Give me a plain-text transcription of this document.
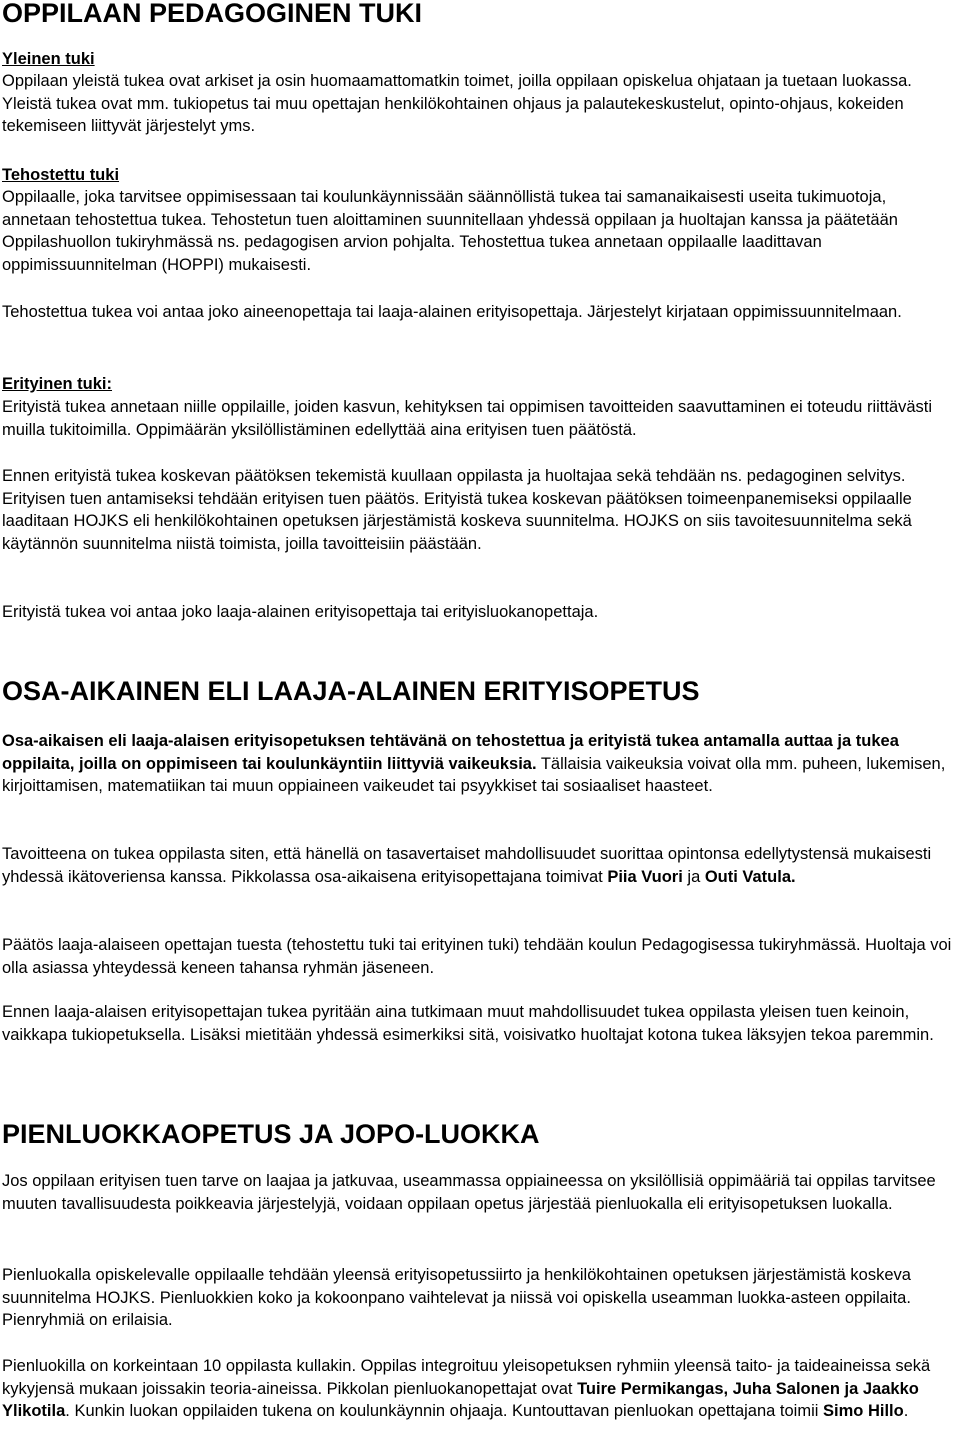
OPPILAAN PEDAGOGINEN TUKI
Yleinen tuki

Oppilaan yleistä tukea ovat arkiset ja osin huomaamattomatkin toimet, joilla oppilaan opiskelua ohjataan ja tuetaan luokassa. Yleistä tukea ovat mm. tukiopetus tai muu opettajan henkilökohtainen ohjaus ja palautekeskustelut, opinto-ohjaus, kokeiden tekemiseen liittyvät järjestelyt yms.

Tehostettu tuki

Oppilaalle, joka tarvitsee oppimisessaan tai koulunkäynnissään säännöllistä tukea tai samanaikaisesti useita tukimuotoja, annetaan tehostettua tukea. Tehostetun tuen aloittaminen suunnitellaan yhdessä oppilaan ja huoltajan kanssa ja päätetään Oppilashuollon tukiryhmässä ns. pedagogisen arvion pohjalta. Tehostettua tukea annetaan oppilaalle laadittavan oppimissuunnitelman (HOPPI) mukaisesti.

Tehostettua tukea voi antaa joko aineenopettaja tai laaja-alainen erityisopettaja. Järjestelyt kirjataan oppimissuunnitelmaan.

Erityinen tuki:

Erityistä tukea annetaan niille oppilaille, joiden kasvun, kehityksen tai oppimisen tavoitteiden saavuttaminen ei toteudu riittävästi muilla tukitoimilla. Oppimäärän yksilöllistäminen edellyttää aina erityisen tuen päätöstä.

Ennen erityistä tukea koskevan päätöksen tekemistä kuullaan oppilasta ja huoltajaa sekä tehdään ns. pedagoginen selvitys. Erityisen tuen antamiseksi tehdään erityisen tuen päätös. Erityistä tukea koskevan päätöksen toimeenpanemiseksi oppilaalle laaditaan HOJKS eli henkilökohtainen opetuksen järjestämistä koskeva suunnitelma. HOJKS on siis tavoitesuunnitelma sekä käytännön suunnitelma niistä toimista, joilla tavoitteisiin päästään.

Erityistä tukea voi antaa joko laaja-alainen erityisopettaja tai erityisluokanopettaja.

OSA-AIKAINEN ELI LAAJA-ALAINEN ERITYISOPETUS

Osa-aikaisen eli laaja-alaisen erityisopetuksen tehtävänä on tehostettua ja erityistä tukea antamalla auttaa ja tukea oppilaita, joilla on oppimiseen tai koulunkäyntiin liittyviä vaikeuksia. Tällaisia vaikeuksia voivat olla mm. puheen, lukemisen, kirjoittamisen, matematiikan tai muun oppiaineen vaikeudet tai psyykkiset tai sosiaaliset haasteet.

Tavoitteena on tukea oppilasta siten, että hänellä on tasavertaiset mahdollisuudet suorittaa opintonsa edellytystensä mukaisesti yhdessä ikätoveriensa kanssa. Pikkolassa osa-aikaisena erityisopettajana toimivat Piia Vuori ja Outi Vatula.

Päätös laaja-alaiseen opettajan tuesta (tehostettu tuki tai erityinen tuki) tehdään koulun Pedagogisessa tukiryhmässä. Huoltaja voi olla asiassa yhteydessä keneen tahansa ryhmän jäseneen.

Ennen laaja-alaisen erityisopettajan tukea pyritään aina tutkimaan muut mahdollisuudet tukea oppilasta yleisen tuen keinoin, vaikkapa tukiopetuksella. Lisäksi mietitään yhdessä esimerkiksi sitä, voisivatko huoltajat kotona tukea läksyjen tekoa paremmin.

PIENLUOKKAOPETUS JA JOPO-LUOKKA

Jos oppilaan erityisen tuen tarve on laajaa ja jatkuvaa, useammassa oppiaineessa on yksilöllisiä oppimääriä tai oppilas tarvitsee muuten tavallisuudesta poikkeavia järjestelyjä, voidaan oppilaan opetus järjestää pienluokalla eli erityisopetuksen luokalla.

Pienluokalla opiskelevalle oppilaalle tehdään yleensä erityisopetussiirto ja henkilökohtainen opetuksen järjestämistä koskeva suunnitelma HOJKS. Pienluokkien koko ja kokoonpano vaihtelevat ja niissä voi opiskella useamman luokka-asteen oppilaita. Pienryhmiä on erilaisia.

Pienluokilla on korkeintaan 10 oppilasta kullakin. Oppilas integroituu yleisopetuksen ryhmiin yleensä taito- ja taideaineissa sekä kykyjensä mukaan joissakin teoria-aineissa. Pikkolan pienluokanopettajat ovat Tuire Permikangas, Juha Salonen ja Jaakko Ylikotila. Kunkin luokan oppilaiden tukena on koulunkäynnin ohjaaja. Kuntouttavan pienluokan opettajana toimii Simo Hillo.
